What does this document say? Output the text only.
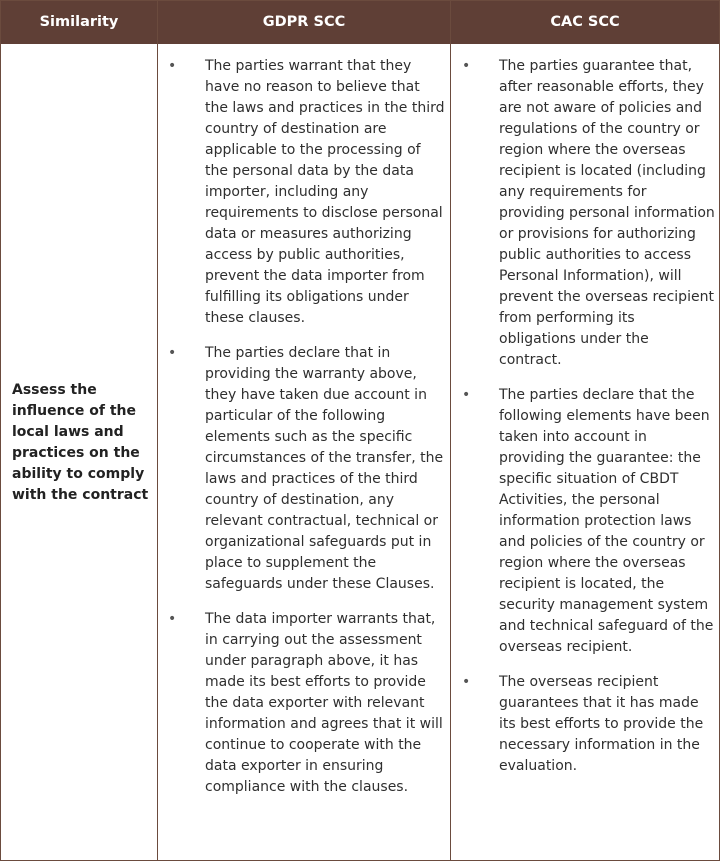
Similarity	GDPR SCC	CAC SCC
Assess the influence of the local laws and practices on the ability to comply with the contract
• The parties warrant that they have no reason to believe that the laws and practices in the third country of destination are applicable to the processing of the personal data by the data importer, including any requirements to disclose personal data or measures authorizing access by public authorities, prevent the data importer from fulfilling its obligations under these clauses.
• The parties declare that in providing the warranty above, they have taken due account in particular of the following elements such as the specific circumstances of the transfer, the laws and practices of the third country of destination, any relevant contractual, technical or organizational safeguards put in place to supplement the safeguards under these Clauses.
• The data importer warrants that, in carrying out the assessment under paragraph above, it has made its best efforts to provide the data exporter with relevant information and agrees that it will continue to cooperate with the data exporter in ensuring compliance with the clauses.
• The parties guarantee that, after reasonable efforts, they are not aware of policies and regulations of the country or region where the overseas recipient is located (including any requirements for providing personal information or provisions for authorizing public authorities to access Personal Information), will prevent the overseas recipient from performing its obligations under the contract.
• The parties declare that the following elements have been taken into account in providing the guarantee: the specific situation of CBDT Activities, the personal information protection laws and policies of the country or region where the overseas recipient is located, the security management system and technical safeguard of the overseas recipient.
• The overseas recipient guarantees that it has made its best efforts to provide the necessary information in the evaluation.
